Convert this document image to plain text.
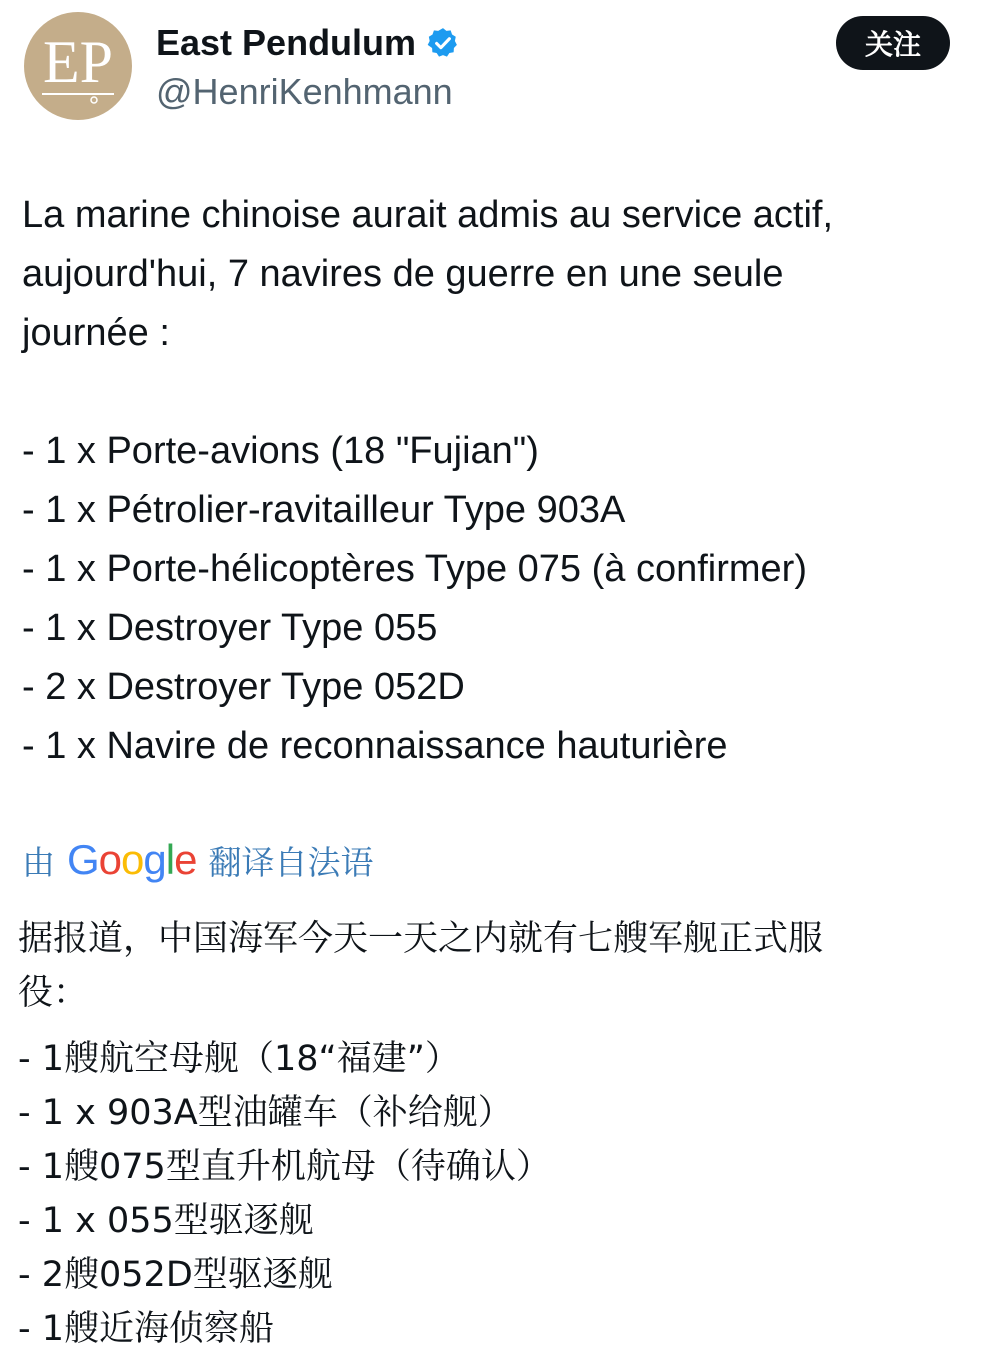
EP East Pendulum
@HenriKenhmann
关注
La marine chinoise aurait admis au service actif,
aujourd'hui, 7 navires de guerre en une seule
journée :
- 1 x Porte-avions (18 "Fujian")
- 1 x Pétrolier-ravitailleur Type 903A
- 1 x Porte-hélicoptères Type 075 (à confirmer)
- 1 x Destroyer Type 055
- 2 x Destroyer Type 052D
- 1 x Navire de reconnaissance hauturière
由 Google 翻译自法语
据报道，中国海军今天一天之内就有七艘军舰正式服
役：
- 1艘航空母舰（18“福建”）
- 1 x 903A型油罐车（补给舰）
- 1艘075型直升机航母（待确认）
- 1 x 055型驱逐舰
- 2艘052D型驱逐舰
- 1艘近海侦察船
